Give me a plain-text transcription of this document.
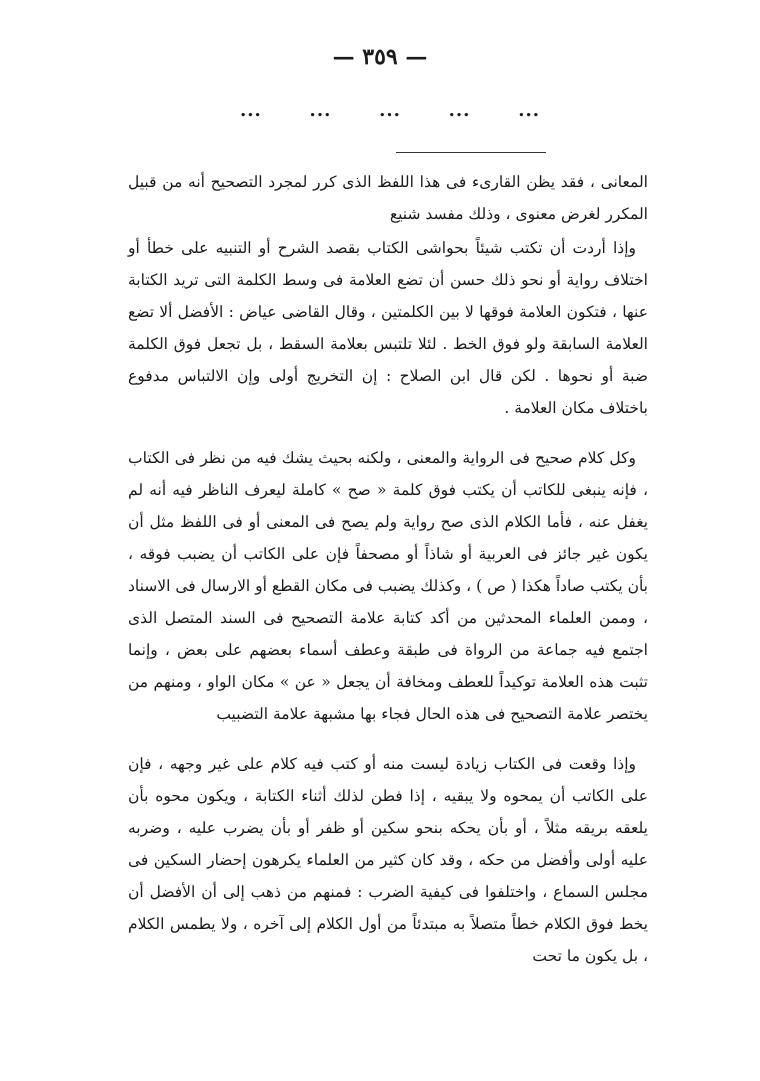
— ٣٥٩ —
...	...	...	...	...

المعانى ، فقد يظن القارىء فى هذا اللفظ الذى كرر لمجرد التصحيح أنه من قبيل المكرر لغرض معنوى ، وذلك مفسد شنيع

وإذا أردت أن تكتب شيئاً بحواشى الكتاب بقصد الشرح أو التنبيه على خطأ أو اختلاف رواية أو نحو ذلك حسن أن تضع العلامة فى وسط الكلمة التى تريد الكتابة عنها ، فتكون العلامة فوقها لا بين الكلمتين ، وقال القاضى عياض : الأفضل ألا تضع العلامة السابقة ولو فوق الخط . لئلا تلتبس بعلامة السقط ، بل تجعل فوق الكلمة ضبة أو نحوها . لكن قال ابن الصلاح : إن التخريج أولى وإن الالتباس مدفوع باختلاف مكان العلامة .

وكل كلام صحيح فى الرواية والمعنى ، ولكنه بحيث يشك فيه من نظر فى الكتاب ، فإنه ينبغى للكاتب أن يكتب فوق كلمة « صح » كاملة ليعرف الناظر فيه أنه لم يغفل عنه ، فأما الكلام الذى صح رواية ولم يصح فى المعنى أو فى اللفظ مثل أن يكون غير جائز فى العربية أو شاذاً أو مصحفاً فإن على الكاتب أن يضبب فوقه ، بأن يكتب صاداً هكذا ( ص ) ، وكذلك يضبب فى مكان القطع أو الارسال فى الاسناد ، وممن العلماء المحدثين من أكد كتابة علامة التصحيح فى السند المتصل الذى اجتمع فيه جماعة من الرواة فى طبقة وعطف أسماء بعضهم على بعض ، وإنما تثبت هذه العلامة توكيداً للعطف ومخافة أن يجعل « عن » مكان الواو ، ومنهم من يختصر علامة التصحيح فى هذه الحال فجاء بها مشبهة علامة التضبيب

وإذا وقعت فى الكتاب زيادة ليست منه أو كتب فيه كلام على غير وجهه ، فإن على الكاتب أن يمحوه ولا يبقيه ، إذا فطن لذلك أثناء الكتابة ، ويكون محوه بأن يلعقه بريقه مثلاً ، أو بأن يحكه بنحو سكين أو ظفر أو بأن يضرب عليه ، وضربه عليه أولى وأفضل من حكه ، وقد كان كثير من العلماء يكرهون إحضار السكين فى مجلس السماع ، واختلفوا فى كيفية الضرب : فمنهم من ذهب إلى أن الأفضل أن يخط فوق الكلام خطاً متصلاً به مبتدئاً من أول الكلام إلى آخره ، ولا يطمس الكلام ، بل يكون ما تحت
